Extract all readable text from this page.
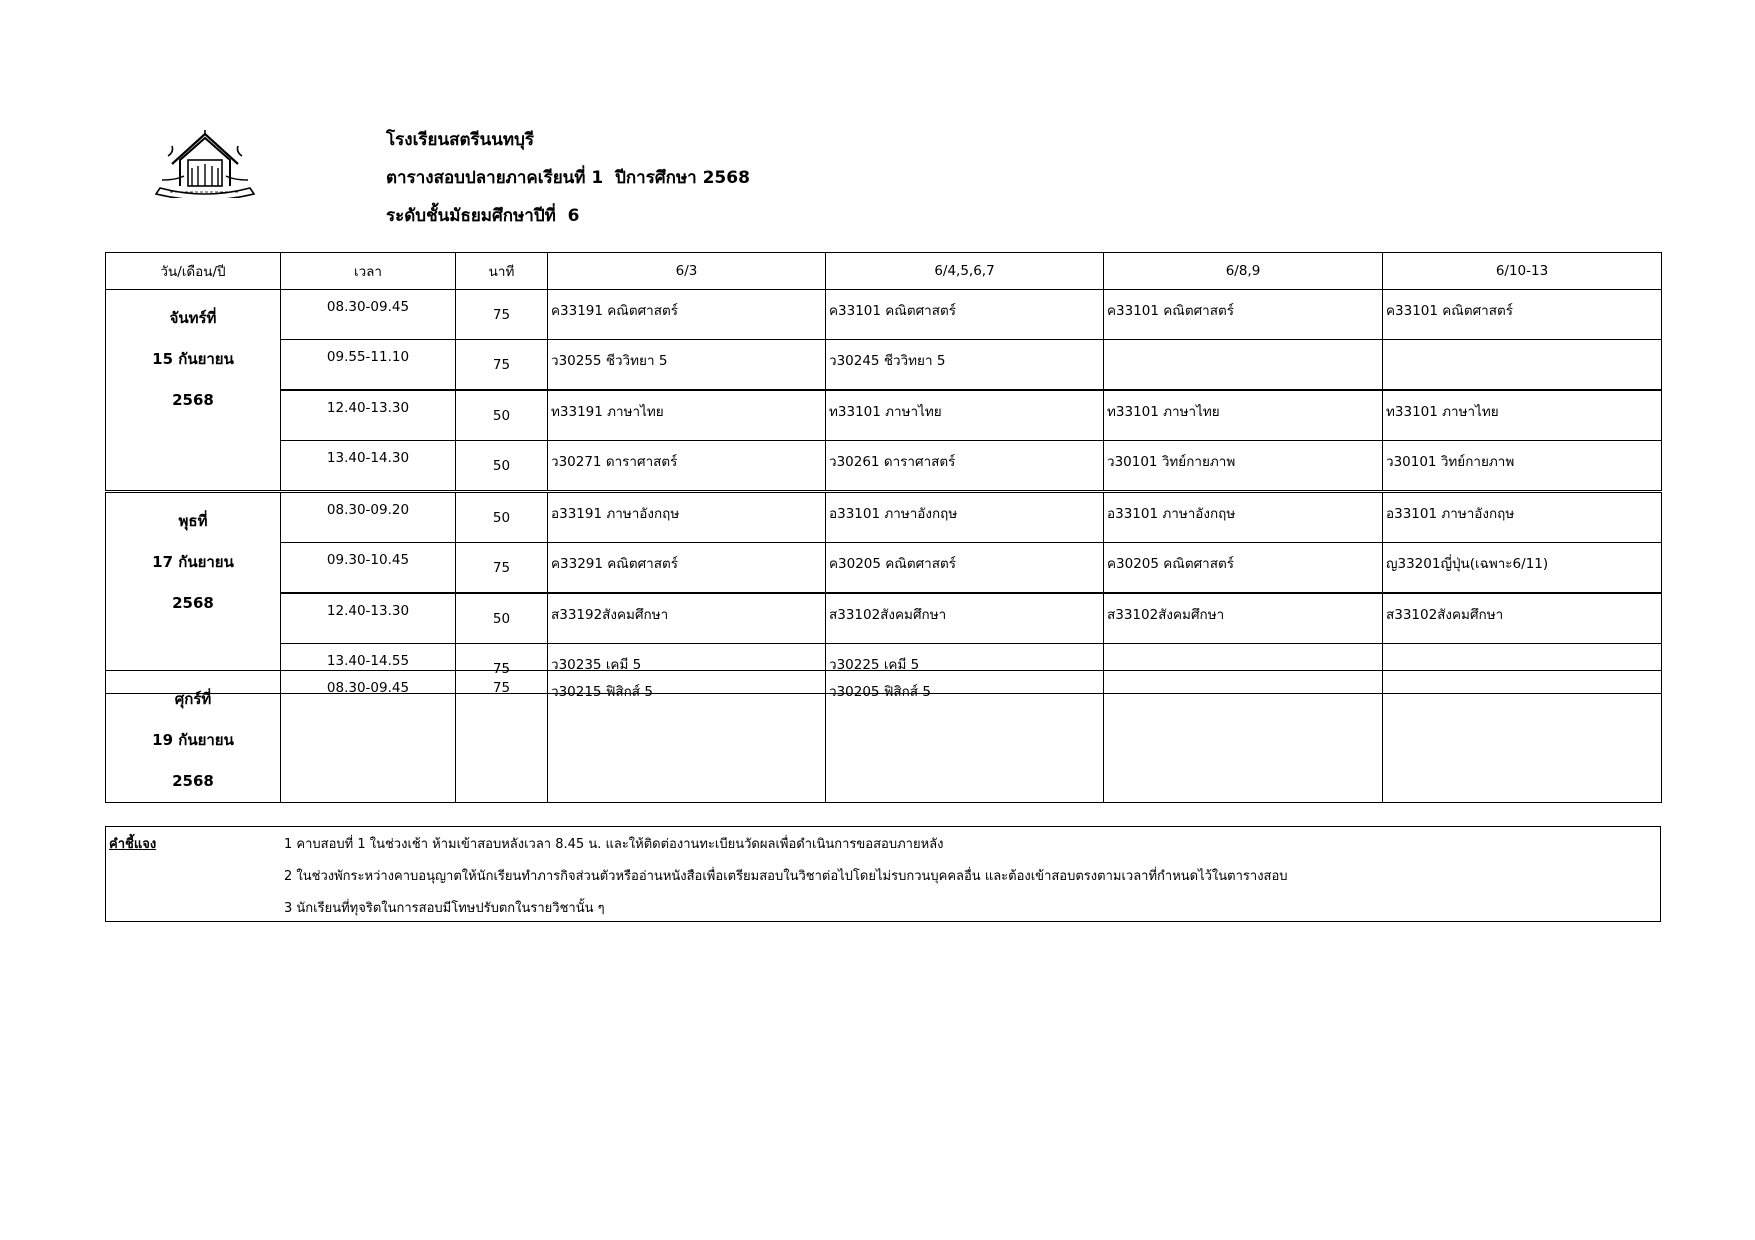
โรงเรียนสตรีนนทบุรี
ตารางสอบปลายภาคเรียนที่ 1  ปีการศึกษา 2568
ระดับชั้นมัธยมศึกษาปีที่  6
วัน/เดือน/ปี	เวลา	นาที	6/3	6/4,5,6,7	6/8,9	6/10-13
จันทร์ที่
15 กันยายน
2568	08.30-09.45	75	ค33191 คณิตศาสตร์	ค33101 คณิตศาสตร์	ค33101 คณิตศาสตร์	ค33101 คณิตศาสตร์
	09.55-11.10	75	ว30255 ชีววิทยา 5	ว30245 ชีววิทยา 5		
	12.40-13.30	50	ท33191 ภาษาไทย	ท33101 ภาษาไทย	ท33101 ภาษาไทย	ท33101 ภาษาไทย
	13.40-14.30	50	ว30271 ดาราศาสตร์	ว30261 ดาราศาสตร์	ว30101 วิทย์กายภาพ	ว30101 วิทย์กายภาพ
พุธที่
17 กันยายน
2568	08.30-09.20	50	อ33191 ภาษาอังกฤษ	อ33101 ภาษาอังกฤษ	อ33101 ภาษาอังกฤษ	อ33101 ภาษาอังกฤษ
	09.30-10.45	75	ค33291 คณิตศาสตร์	ค30205 คณิตศาสตร์	ค30205 คณิตศาสตร์	ญ33201ญี่ปุ่น(เฉพาะ6/11)
	12.40-13.30	50	ส33192สังคมศึกษา	ส33102สังคมศึกษา	ส33102สังคมศึกษา	ส33102สังคมศึกษา
	13.40-14.55	75	ว30235 เคมี 5	ว30225 เคมี 5		
ศุกร์ที่
19 กันยายน
2568	08.30-09.45	75	ว30215 ฟิสิกส์ 5	ว30205 ฟิสิกส์ 5		
คำชี้แจง	1 คาบสอบที่ 1 ในช่วงเช้า ห้ามเข้าสอบหลังเวลา 8.45 น. และให้ติดต่องานทะเบียนวัดผลเพื่อดำเนินการขอสอบภายหลัง
2 ในช่วงพักระหว่างคาบอนุญาตให้นักเรียนทำภารกิจส่วนตัวหรืออ่านหนังสือเพื่อเตรียมสอบในวิชาต่อไปโดยไม่รบกวนบุคคลอื่น และต้องเข้าสอบตรงตามเวลาที่กำหนดไว้ในตารางสอบ
3 นักเรียนที่ทุจริตในการสอบมีโทษปรับตกในรายวิชานั้น ๆ
